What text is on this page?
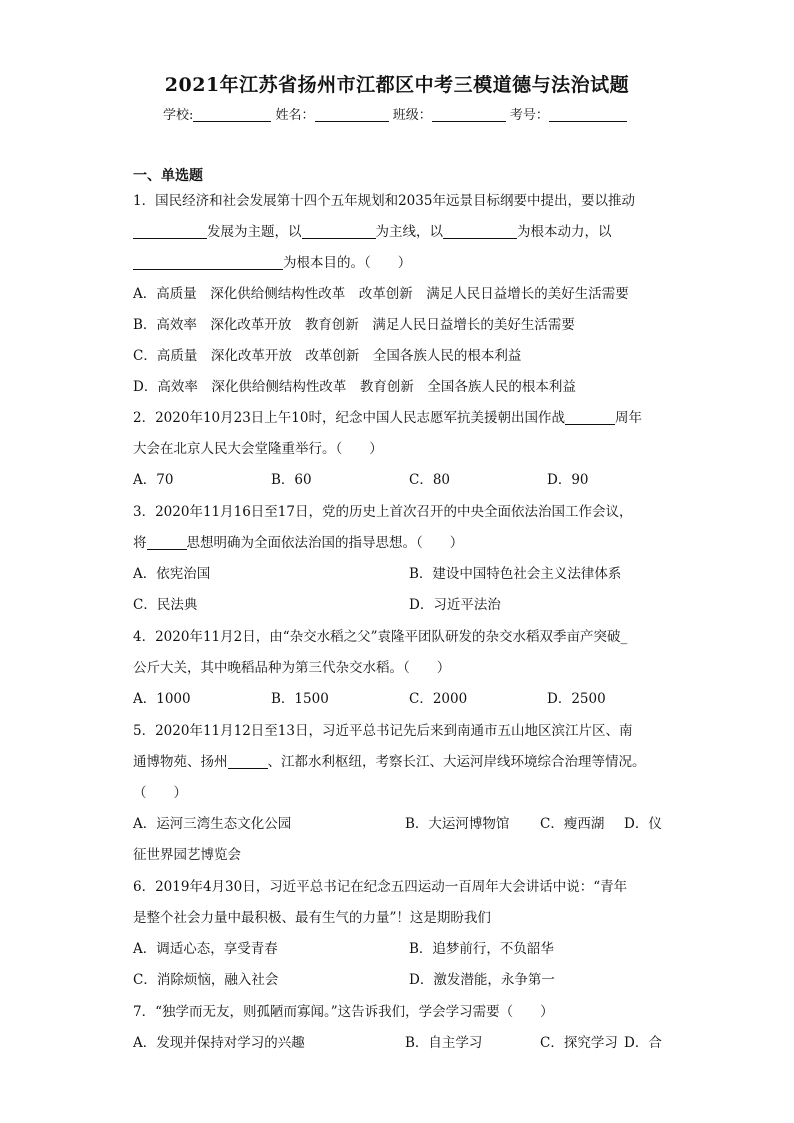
2021年江苏省扬州市江都区中考三模道德与法治试题
学校:	姓名：	班级：	考号：
一、单选题
1．国民经济和社会发展第十四个五年规划和2035年远景目标纲要中提出，要以推动
发展为主题，以	为主线，以	为根本动力，以
为根本目的。（　　）
A．高质量　深化供给侧结构性改革　改革创新　满足人民日益增长的美好生活需要
B．高效率　深化改革开放　教育创新　满足人民日益增长的美好生活需要
C．高质量　深化改革开放　改革创新　全国各族人民的根本利益
D．高效率　深化供给侧结构性改革　教育创新　全国各族人民的根本利益
2．2020年10月23日上午10时，纪念中国人民志愿军抗美援朝出国作战	周年
大会在北京人民大会堂隆重举行。（　　）
A．70	B．60	C．80	D．90
3．2020年11月16日至17日，党的历史上首次召开的中央全面依法治国工作会议，
将	思想明确为全面依法治国的指导思想。（　　）
A．依宪治国	B．建设中国特色社会主义法律体系
C．民法典	D．习近平法治
4．2020年11月2日，由“杂交水稻之父”袁隆平团队研发的杂交水稻双季亩产突破_
公斤大关，其中晚稻品种为第三代杂交水稻。（　　）
A．1000	B．1500	C．2000	D．2500
5．2020年11月12日至13日，习近平总书记先后来到南通市五山地区滨江片区、南
通博物苑、扬州	、江都水利枢纽，考察长江、大运河岸线环境综合治理等情况。
（　　）
A．运河三湾生态文化公园	B．大运河博物馆 C．瘦西湖 D．仪
征世界园艺博览会
6．2019年4月30日，习近平总书记在纪念五四运动一百周年大会讲话中说：“青年
是整个社会力量中最积极、最有生气的力量”！这是期盼我们
A．调适心态，享受青春	B．追梦前行，不负韶华
C．消除烦恼，融入社会	D．激发潜能，永争第一
7．“独学而无友，则孤陋而寡闻。”这告诉我们，学会学习需要（　　）
A．发现并保持对学习的兴趣	B．自主学习	C．探究学习 D．合
